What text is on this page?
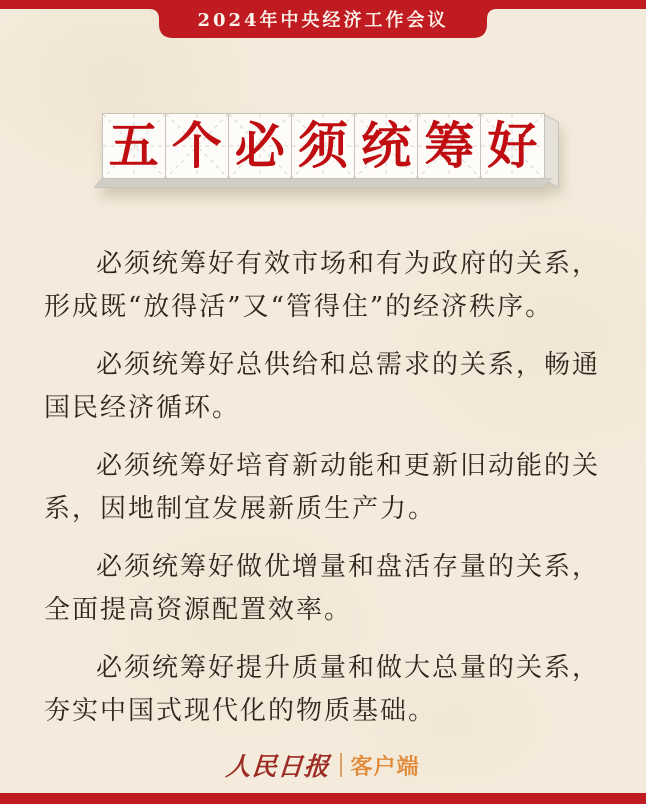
2024年中央经济工作会议
五 个 必 须 统 筹 好

必须统筹好有效市场和有为政府的关系，形成既“放得活”又“管得住”的经济秩序。

必须统筹好总供给和总需求的关系，畅通国民经济循环。

必须统筹好培育新动能和更新旧动能的关系，因地制宜发展新质生产力。

必须统筹好做优增量和盘活存量的关系，全面提高资源配置效率。

必须统筹好提升质量和做大总量的关系，夯实中国式现代化的物质基础。

人民日报 客户端
